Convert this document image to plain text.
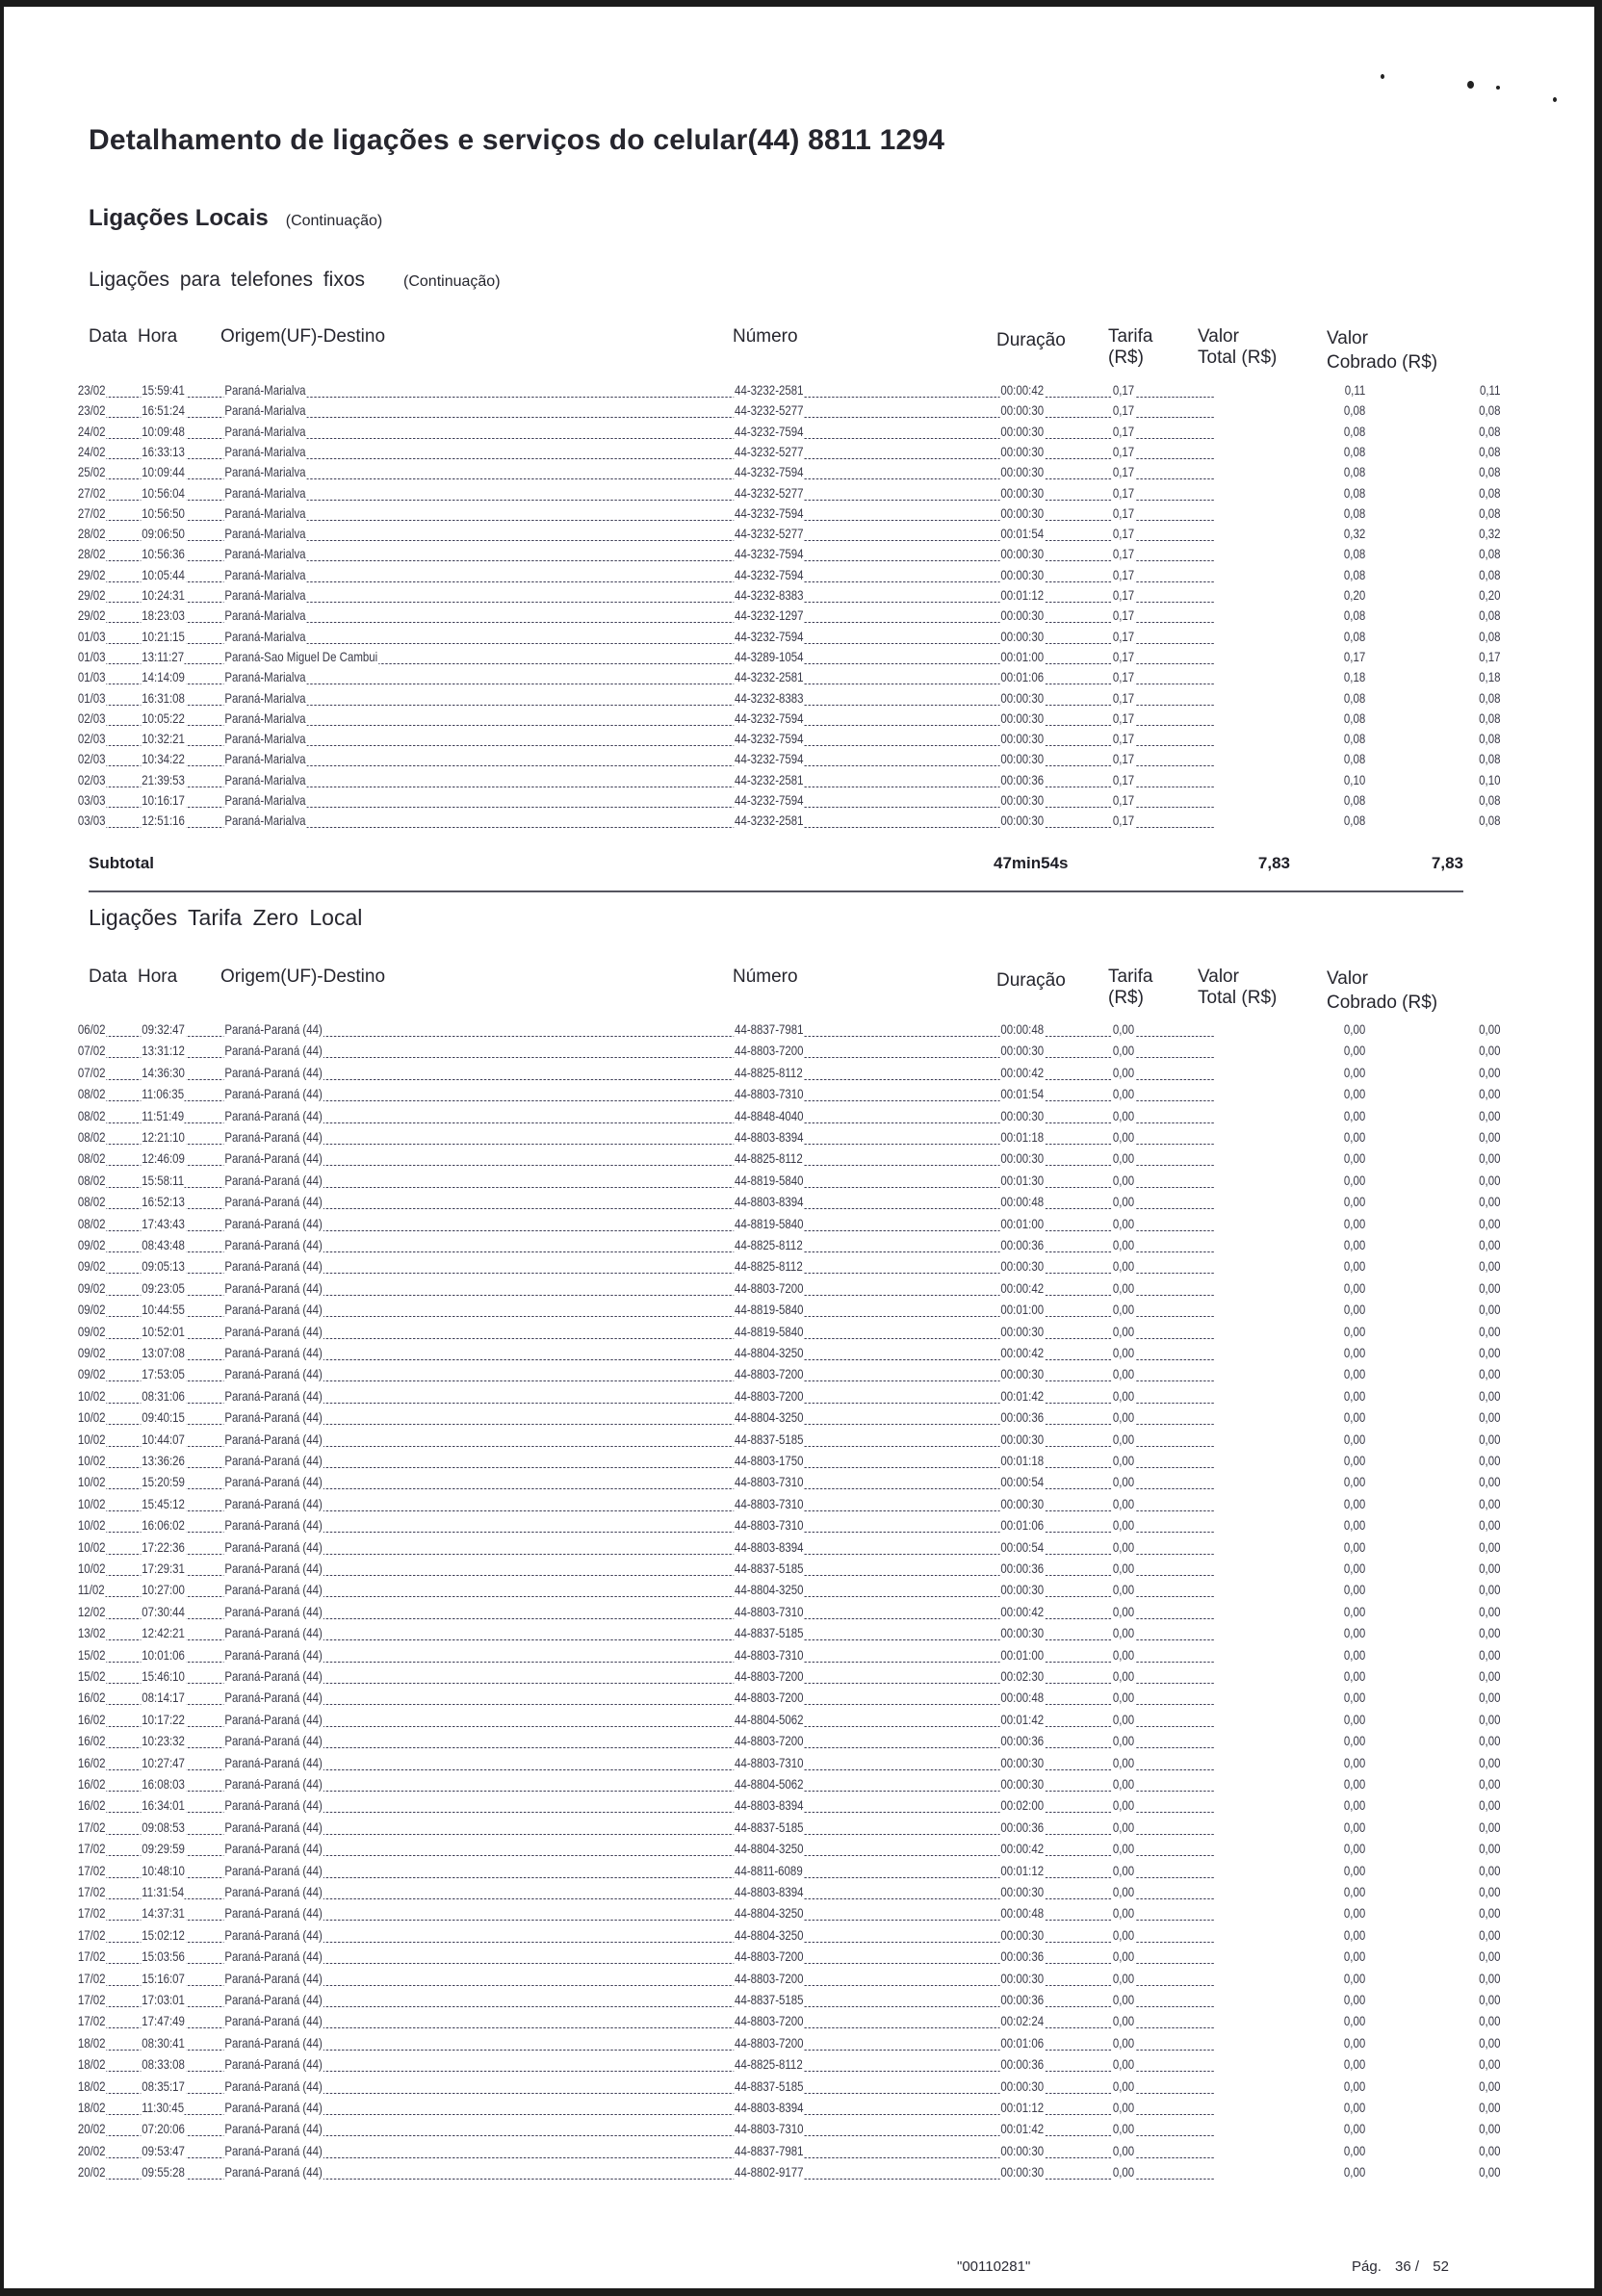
Detalhamento de ligações e serviços do celular(44) 8811 1294
Ligações Locais (Continuação)
Ligações para telefones fixos	(Continuação)
Data Hora Origem(UF)-Destino	Número	Duração Tarifa
(R$)
Valor
Total (R$)
Valor
Cobrado (R$)
23/02	15:59:41	Paraná-Marialva	44-3232-2581	00:00:42	0,17	0,11	0,11
23/02	16:51:24	Paraná-Marialva	44-3232-5277	00:00:30	0,17	0,08	0,08
24/02	10:09:48	Paraná-Marialva	44-3232-7594	00:00:30	0,17	0,08	0,08
24/02	16:33:13	Paraná-Marialva	44-3232-5277	00:00:30	0,17	0,08	0,08
25/02	10:09:44	Paraná-Marialva	44-3232-7594	00:00:30	0,17	0,08	0,08
27/02	10:56:04	Paraná-Marialva	44-3232-5277	00:00:30	0,17	0,08	0,08
27/02	10:56:50	Paraná-Marialva	44-3232-7594	00:00:30	0,17	0,08	0,08
28/02	09:06:50	Paraná-Marialva	44-3232-5277	00:01:54	0,17	0,32	0,32
28/02	10:56:36	Paraná-Marialva	44-3232-7594	00:00:30	0,17	0,08	0,08
29/02	10:05:44	Paraná-Marialva	44-3232-7594	00:00:30	0,17	0,08	0,08
29/02	10:24:31	Paraná-Marialva	44-3232-8383	00:01:12	0,17	0,20	0,20
29/02	18:23:03	Paraná-Marialva	44-3232-1297	00:00:30	0,17	0,08	0,08
01/03	10:21:15	Paraná-Marialva	44-3232-7594	00:00:30	0,17	0,08	0,08
01/03	13:11:27	Paraná-Sao Miguel De Cambui	44-3289-1054	00:01:00	0,17	0,17	0,17
01/03	14:14:09	Paraná-Marialva	44-3232-2581	00:01:06	0,17	0,18	0,18
01/03	16:31:08	Paraná-Marialva	44-3232-8383	00:00:30	0,17	0,08	0,08
02/03	10:05:22	Paraná-Marialva	44-3232-7594	00:00:30	0,17	0,08	0,08
02/03	10:32:21	Paraná-Marialva	44-3232-7594	00:00:30	0,17	0,08	0,08
02/03	10:34:22	Paraná-Marialva	44-3232-7594	00:00:30	0,17	0,08	0,08
02/03	21:39:53	Paraná-Marialva	44-3232-2581	00:00:36	0,17	0,10	0,10
03/03	10:16:17	Paraná-Marialva	44-3232-7594	00:00:30	0,17	0,08	0,08
03/03	12:51:16	Paraná-Marialva	44-3232-2581	00:00:30	0,17	0,08	0,08
Subtotal	47min54s	7,83	7,83
Ligações Tarifa Zero Local
Data Hora Origem(UF)-Destino	Número	Duração Tarifa
(R$)
Valor
Total (R$)
Valor
Cobrado (R$)
06/02	09:32:47	Paraná-Paraná (44)	44-8837-7981	00:00:48	0,00	0,00	0,00
07/02	13:31:12	Paraná-Paraná (44)	44-8803-7200	00:00:30	0,00	0,00	0,00
07/02	14:36:30	Paraná-Paraná (44)	44-8825-8112	00:00:42	0,00	0,00	0,00
08/02	11:06:35	Paraná-Paraná (44)	44-8803-7310	00:01:54	0,00	0,00	0,00
08/02	11:51:49	Paraná-Paraná (44)	44-8848-4040	00:00:30	0,00	0,00	0,00
08/02	12:21:10	Paraná-Paraná (44)	44-8803-8394	00:01:18	0,00	0,00	0,00
08/02	12:46:09	Paraná-Paraná (44)	44-8825-8112	00:00:30	0,00	0,00	0,00
08/02	15:58:11	Paraná-Paraná (44)	44-8819-5840	00:01:30	0,00	0,00	0,00
08/02	16:52:13	Paraná-Paraná (44)	44-8803-8394	00:00:48	0,00	0,00	0,00
08/02	17:43:43	Paraná-Paraná (44)	44-8819-5840	00:01:00	0,00	0,00	0,00
09/02	08:43:48	Paraná-Paraná (44)	44-8825-8112	00:00:36	0,00	0,00	0,00
09/02	09:05:13	Paraná-Paraná (44)	44-8825-8112	00:00:30	0,00	0,00	0,00
09/02	09:23:05	Paraná-Paraná (44)	44-8803-7200	00:00:42	0,00	0,00	0,00
09/02	10:44:55	Paraná-Paraná (44)	44-8819-5840	00:01:00	0,00	0,00	0,00
09/02	10:52:01	Paraná-Paraná (44)	44-8819-5840	00:00:30	0,00	0,00	0,00
09/02	13:07:08	Paraná-Paraná (44)	44-8804-3250	00:00:42	0,00	0,00	0,00
09/02	17:53:05	Paraná-Paraná (44)	44-8803-7200	00:00:30	0,00	0,00	0,00
10/02	08:31:06	Paraná-Paraná (44)	44-8803-7200	00:01:42	0,00	0,00	0,00
10/02	09:40:15	Paraná-Paraná (44)	44-8804-3250	00:00:36	0,00	0,00	0,00
10/02	10:44:07	Paraná-Paraná (44)	44-8837-5185	00:00:30	0,00	0,00	0,00
10/02	13:36:26	Paraná-Paraná (44)	44-8803-1750	00:01:18	0,00	0,00	0,00
10/02	15:20:59	Paraná-Paraná (44)	44-8803-7310	00:00:54	0,00	0,00	0,00
10/02	15:45:12	Paraná-Paraná (44)	44-8803-7310	00:00:30	0,00	0,00	0,00
10/02	16:06:02	Paraná-Paraná (44)	44-8803-7310	00:01:06	0,00	0,00	0,00
10/02	17:22:36	Paraná-Paraná (44)	44-8803-8394	00:00:54	0,00	0,00	0,00
10/02	17:29:31	Paraná-Paraná (44)	44-8837-5185	00:00:36	0,00	0,00	0,00
11/02	10:27:00	Paraná-Paraná (44)	44-8804-3250	00:00:30	0,00	0,00	0,00
12/02	07:30:44	Paraná-Paraná (44)	44-8803-7310	00:00:42	0,00	0,00	0,00
13/02	12:42:21	Paraná-Paraná (44)	44-8837-5185	00:00:30	0,00	0,00	0,00
15/02	10:01:06	Paraná-Paraná (44)	44-8803-7310	00:01:00	0,00	0,00	0,00
15/02	15:46:10	Paraná-Paraná (44)	44-8803-7200	00:02:30	0,00	0,00	0,00
16/02	08:14:17	Paraná-Paraná (44)	44-8803-7200	00:00:48	0,00	0,00	0,00
16/02	10:17:22	Paraná-Paraná (44)	44-8804-5062	00:01:42	0,00	0,00	0,00
16/02	10:23:32	Paraná-Paraná (44)	44-8803-7200	00:00:36	0,00	0,00	0,00
16/02	10:27:47	Paraná-Paraná (44)	44-8803-7310	00:00:30	0,00	0,00	0,00
16/02	16:08:03	Paraná-Paraná (44)	44-8804-5062	00:00:30	0,00	0,00	0,00
16/02	16:34:01	Paraná-Paraná (44)	44-8803-8394	00:02:00	0,00	0,00	0,00
17/02	09:08:53	Paraná-Paraná (44)	44-8837-5185	00:00:36	0,00	0,00	0,00
17/02	09:29:59	Paraná-Paraná (44)	44-8804-3250	00:00:42	0,00	0,00	0,00
17/02	10:48:10	Paraná-Paraná (44)	44-8811-6089	00:01:12	0,00	0,00	0,00
17/02	11:31:54	Paraná-Paraná (44)	44-8803-8394	00:00:30	0,00	0,00	0,00
17/02	14:37:31	Paraná-Paraná (44)	44-8804-3250	00:00:48	0,00	0,00	0,00
17/02	15:02:12	Paraná-Paraná (44)	44-8804-3250	00:00:30	0,00	0,00	0,00
17/02	15:03:56	Paraná-Paraná (44)	44-8803-7200	00:00:36	0,00	0,00	0,00
17/02	15:16:07	Paraná-Paraná (44)	44-8803-7200	00:00:30	0,00	0,00	0,00
17/02	17:03:01	Paraná-Paraná (44)	44-8837-5185	00:00:36	0,00	0,00	0,00
17/02	17:47:49	Paraná-Paraná (44)	44-8803-7200	00:02:24	0,00	0,00	0,00
18/02	08:30:41	Paraná-Paraná (44)	44-8803-7200	00:01:06	0,00	0,00	0,00
18/02	08:33:08	Paraná-Paraná (44)	44-8825-8112	00:00:36	0,00	0,00	0,00
18/02	08:35:17	Paraná-Paraná (44)	44-8837-5185	00:00:30	0,00	0,00	0,00
18/02	11:30:45	Paraná-Paraná (44)	44-8803-8394	00:01:12	0,00	0,00	0,00
20/02	07:20:06	Paraná-Paraná (44)	44-8803-7310	00:01:42	0,00	0,00	0,00
20/02	09:53:47	Paraná-Paraná (44)	44-8837-7981	00:00:30	0,00	0,00	0,00
20/02	09:55:28	Paraná-Paraná (44)	44-8802-9177	00:00:30	0,00	0,00	0,00
"00110281"	Pág. 36 / 52
